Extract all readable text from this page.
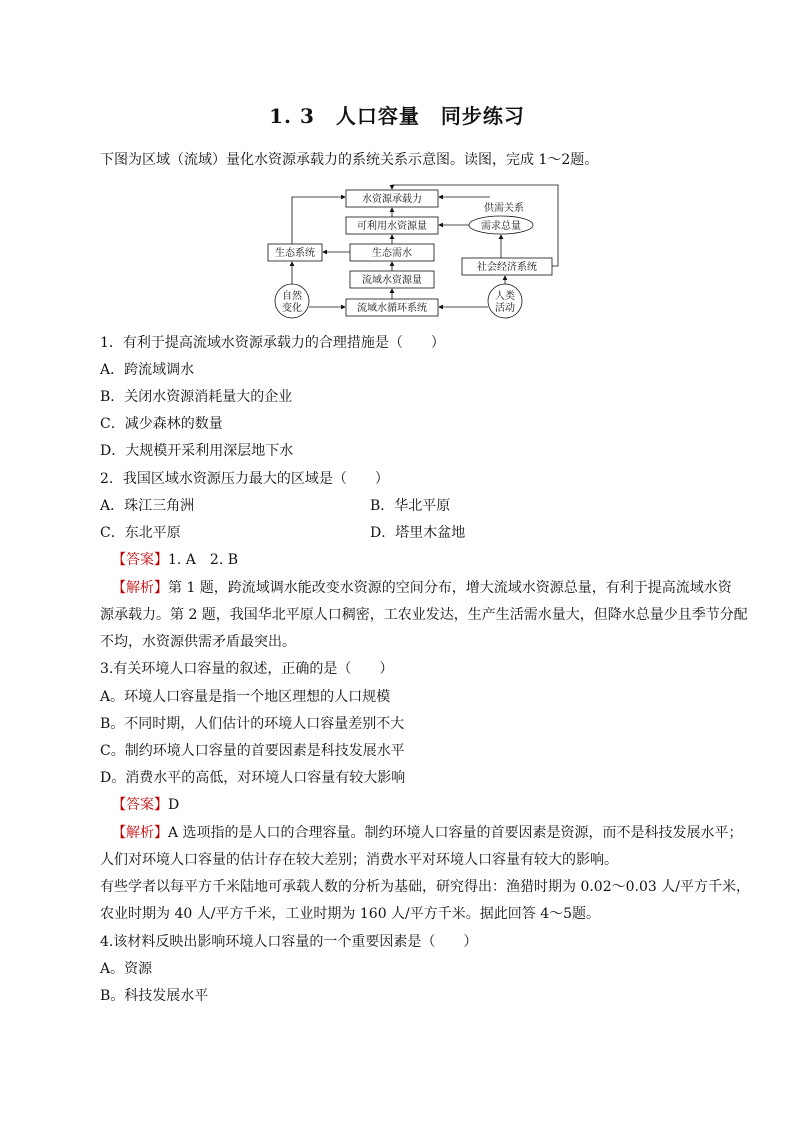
1. 3　人口容量　同步练习
下图为区域（流域）量化水资源承载力的系统关系示意图。读图，完成 1～2题。
水资源承载力
可利用水资源量
生态需水
流域水资源量
流域水循环系统
生态系统
社会经济系统
供需关系
需求总量
自然
变化
人类
活动
1．有利于提高流域水资源承载力的合理措施是（　　）
A．跨流域调水
B．关闭水资源消耗量大的企业
C．减少森林的数量
D．大规模开采利用深层地下水
2．我国区域水资源压力最大的区域是（　　）
A．珠江三角洲	B．华北平原
C．东北平原	D．塔里木盆地
【答案】1. A　2. B
【解析】第 1 题，跨流域调水能改变水资源的空间分布，增大流域水资源总量，有利于提高流域水资
源承载力。第 2 题，我国华北平原人口稠密，工农业发达，生产生活需水量大，但降水总量少且季节分配
不均，水资源供需矛盾最突出。
3.有关环境人口容量的叙述，正确的是（　　）
A。环境人口容量是指一个地区理想的人口规模
B。不同时期，人们估计的环境人口容量差别不大
C。制约环境人口容量的首要因素是科技发展水平
D。消费水平的高低，对环境人口容量有较大影响
【答案】D
【解析】A 选项指的是人口的合理容量。制约环境人口容量的首要因素是资源，而不是科技发展水平；
人们对环境人口容量的估计存在较大差别；消费水平对环境人口容量有较大的影响。
有些学者以每平方千米陆地可承载人数的分析为基础，研究得出：渔猎时期为 0.02～0.03 人/平方千米，
农业时期为 40 人/平方千米，工业时期为 160 人/平方千米。据此回答 4～5题。
4.该材料反映出影响环境人口容量的一个重要因素是（　　）
A。资源
B。科技发展水平
